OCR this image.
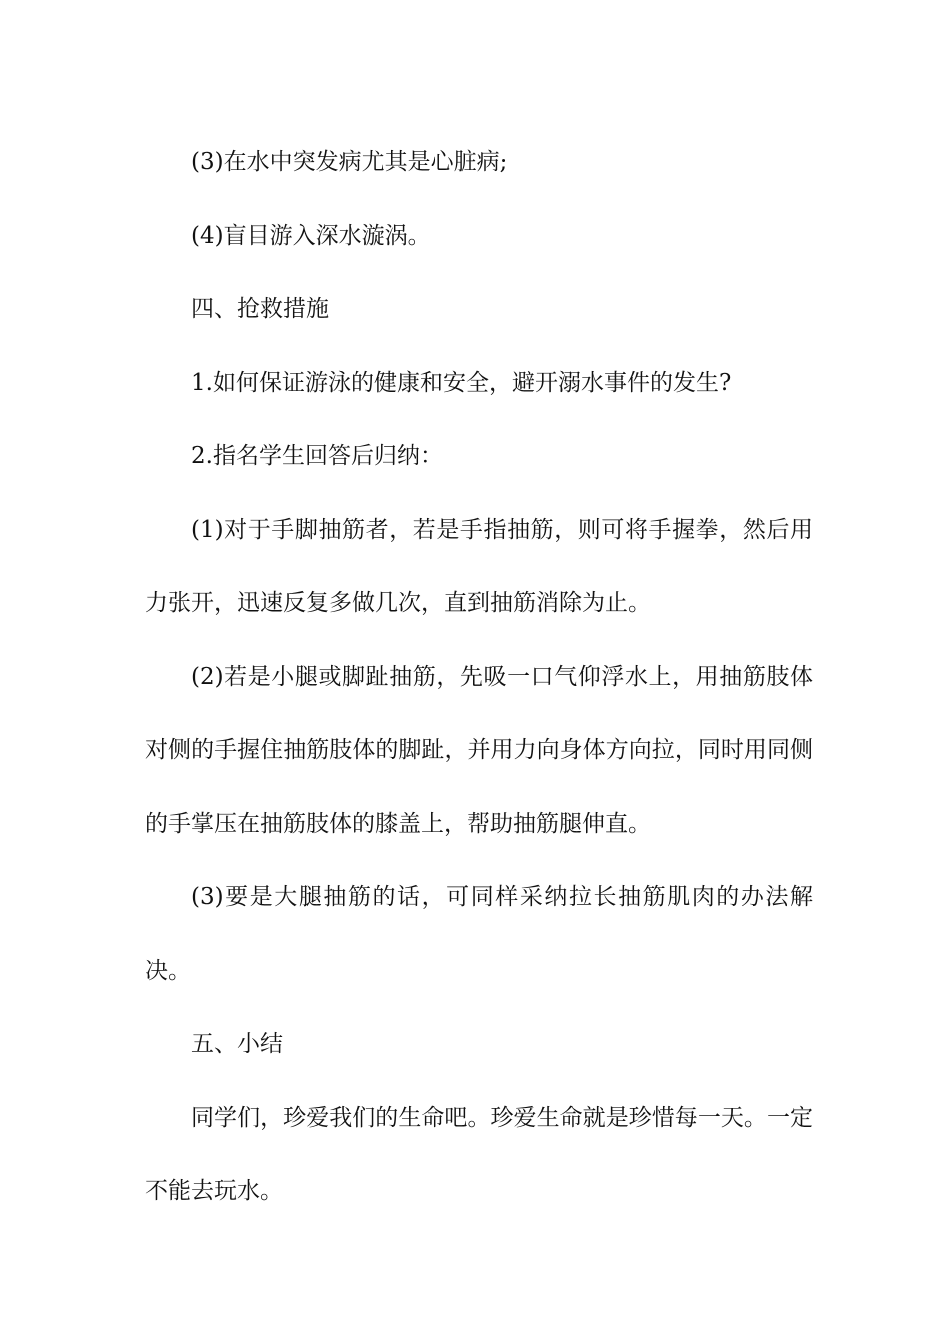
(3)在水中突发病尤其是心脏病;

(4)盲目游入深水漩涡。

四、抢救措施

1.如何保证游泳的健康和安全，避开溺水事件的发生?

2.指名学生回答后归纳：

(1)对于手脚抽筋者，若是手指抽筋，则可将手握拳，然后用力张开，迅速反复多做几次，直到抽筋消除为止。

(2)若是小腿或脚趾抽筋，先吸一口气仰浮水上，用抽筋肢体对侧的手握住抽筋肢体的脚趾，并用力向身体方向拉，同时用同侧的手掌压在抽筋肢体的膝盖上，帮助抽筋腿伸直。

(3)要是大腿抽筋的话，可同样采纳拉长抽筋肌肉的办法解决。

五、小结

同学们，珍爱我们的生命吧。珍爱生命就是珍惜每一天。一定不能去玩水。
